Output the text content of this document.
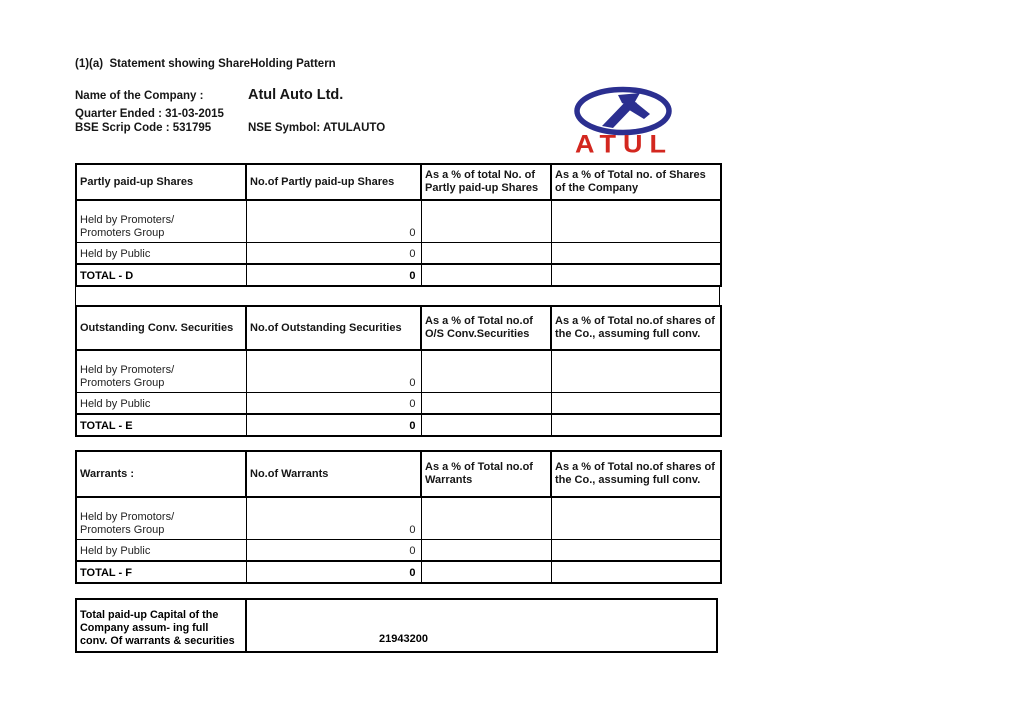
(1)(a)  Statement showing ShareHolding Pattern
Name of the Company :	Atul Auto Ltd.
Quarter Ended : 31-03-2015
BSE Scrip Code : 531795	NSE Symbol: ATULAUTO
ATUL
Partly paid-up Shares	No.of Partly paid-up Shares	As a % of total No. of Partly paid-up Shares	As a % of Total no. of Shares of the Company

Held by Promoters/
Promoters Group	0		

Held by Public	0		

TOTAL - D	0		
Outstanding Conv. Securities	No.of Outstanding Securities	As a % of Total no.of O/S Conv.Securities	As a % of Total no.of shares of the Co., assuming full conv.

Held by Promoters/
Promoters Group	0		

Held by Public	0		

TOTAL - E	0		
Warrants :	No.of Warrants	As a % of Total no.of Warrants	As a % of Total no.of shares of the Co., assuming full conv.

Held by Promotors/
Promoters Group	0		

Held by Public	0		

TOTAL - F	0		
Total paid-up Capital of the
Company assum- ing full
conv. Of warrants & securities	21943200
